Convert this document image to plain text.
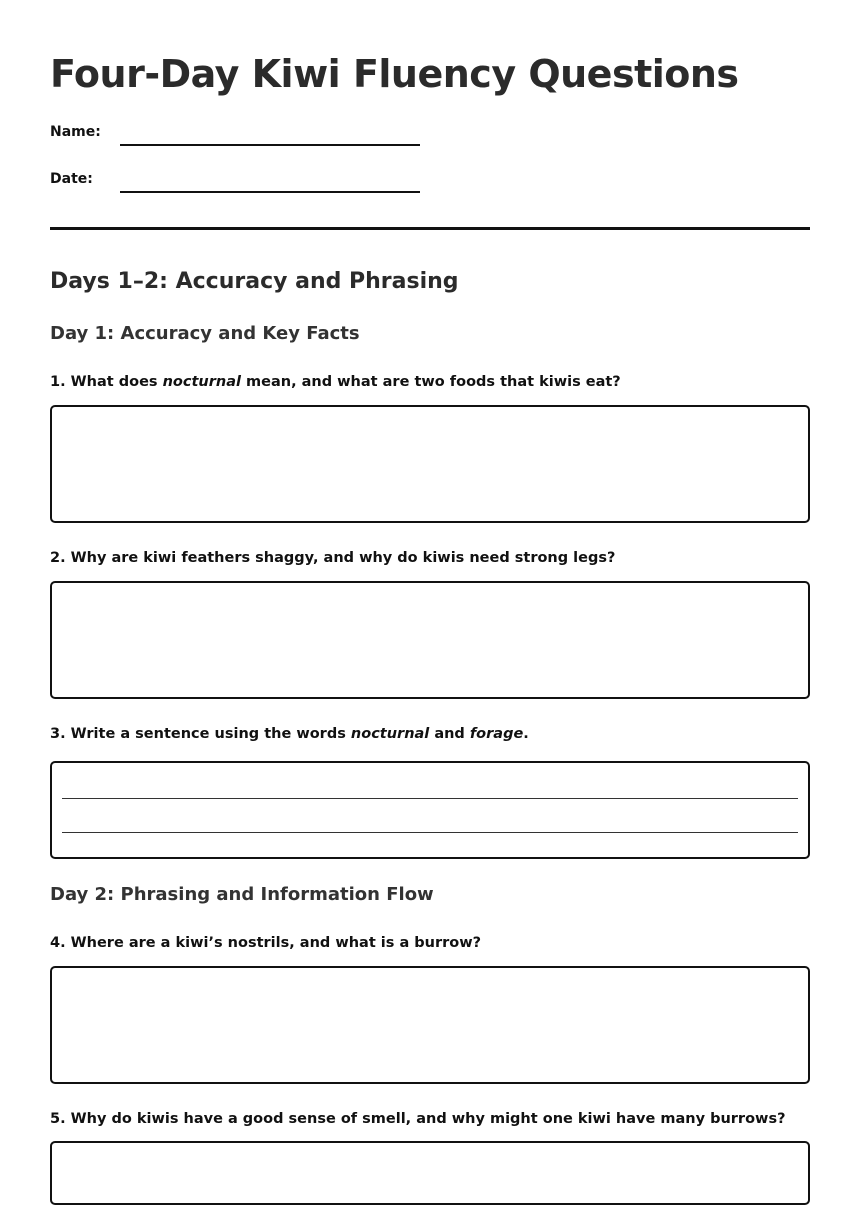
Four-Day Kiwi Fluency Questions
Name:
Date:
Days 1–2: Accuracy and Phrasing
Day 1: Accuracy and Key Facts

1. What does nocturnal mean, and what are two foods that kiwis eat?

2. Why are kiwi feathers shaggy, and why do kiwis need strong legs?

3. Write a sentence using the words nocturnal and forage.

Day 2: Phrasing and Information Flow

4. Where are a kiwi’s nostrils, and what is a burrow?

5. Why do kiwis have a good sense of smell, and why might one kiwi have many burrows?
